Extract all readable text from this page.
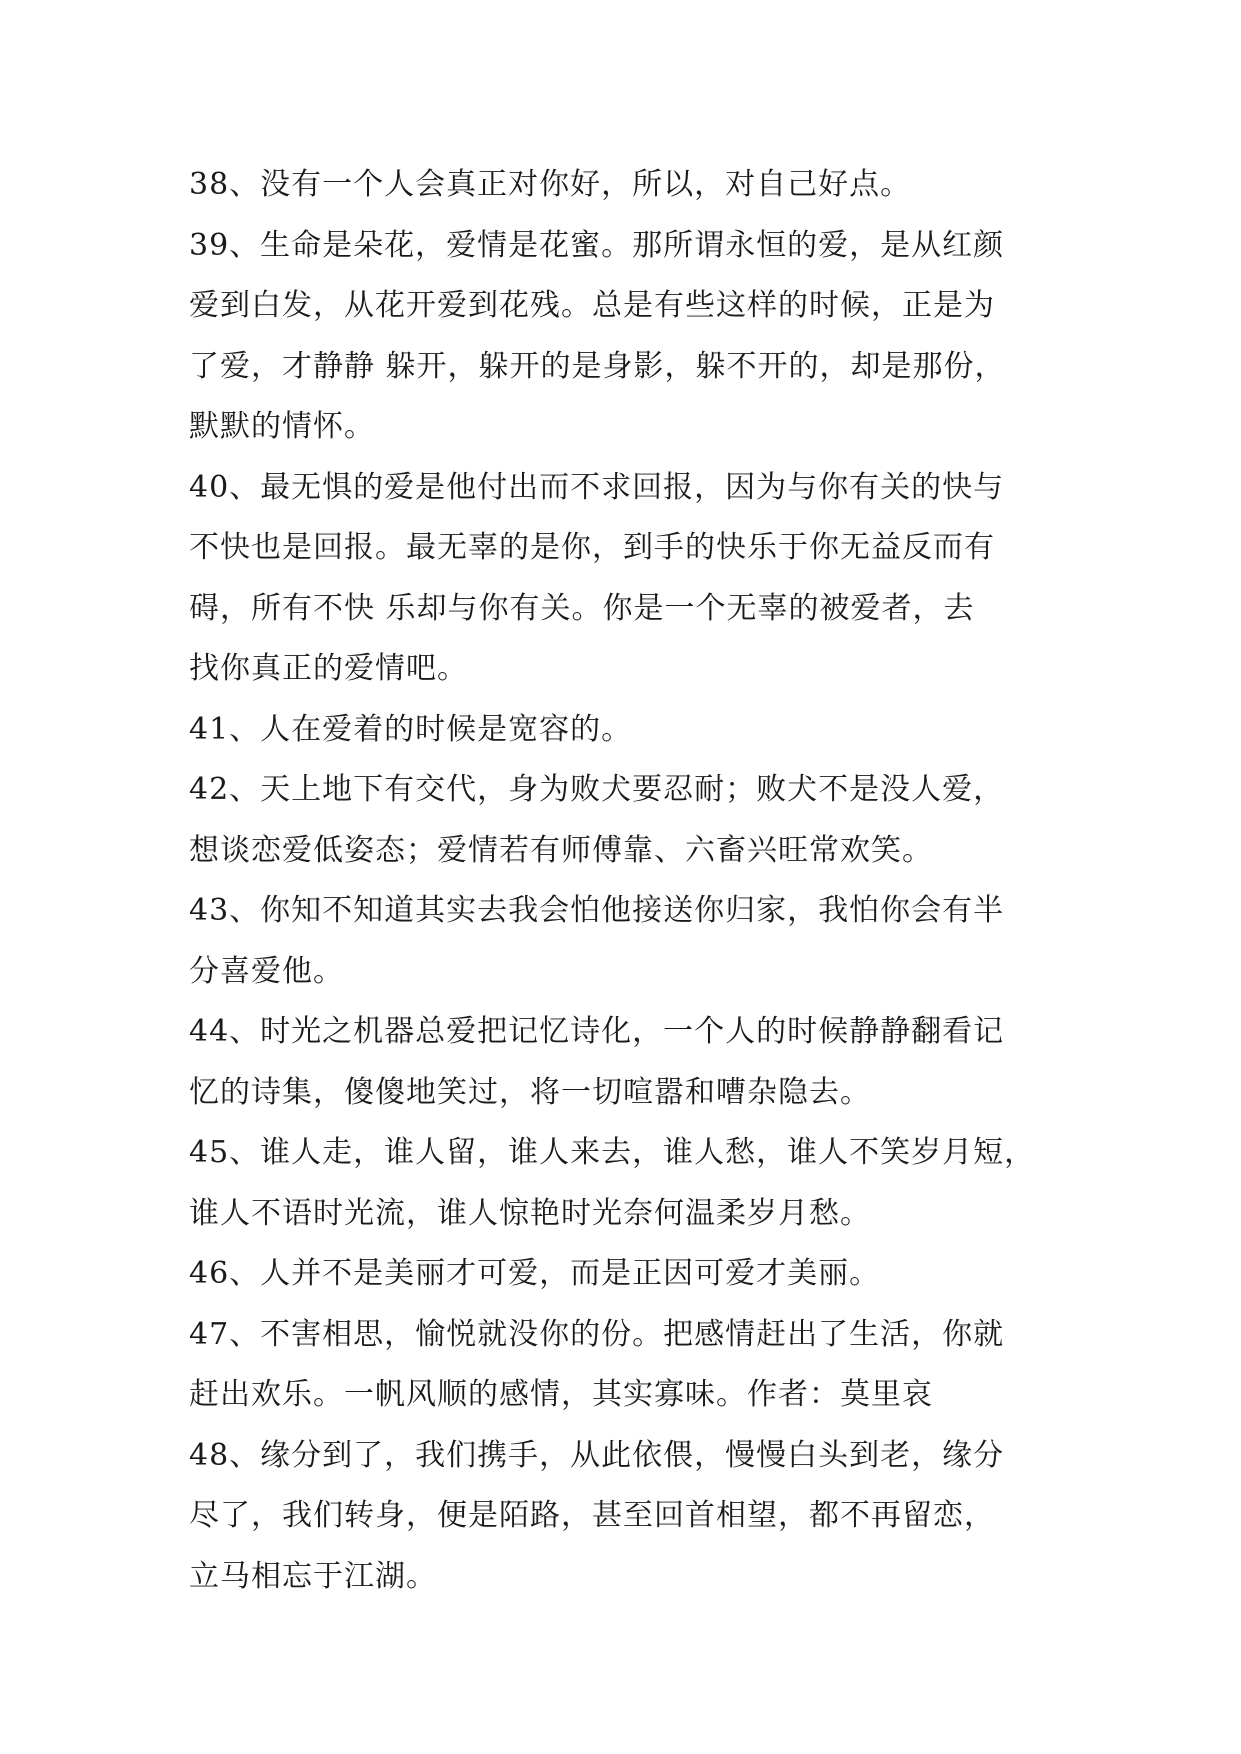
38、没有一个人会真正对你好，所以，对自己好点。
39、生命是朵花，爱情是花蜜。那所谓永恒的爱，是从红颜
爱到白发，从花开爱到花残。总是有些这样的时候，正是为
了爱，才静静 躲开，躲开的是身影，躲不开的，却是那份，
默默的情怀。
40、最无惧的爱是他付出而不求回报，因为与你有关的快与
不快也是回报。最无辜的是你，到手的快乐于你无益反而有
碍，所有不快 乐却与你有关。你是一个无辜的被爱者，去
找你真正的爱情吧。
41、人在爱着的时候是宽容的。
42、天上地下有交代，身为败犬要忍耐；败犬不是没人爱，
想谈恋爱低姿态；爱情若有师傅靠、六畜兴旺常欢笑。
43、你知不知道其实去我会怕他接送你归家，我怕你会有半
分喜爱他。
44、时光之机器总爱把记忆诗化，一个人的时候静静翻看记
忆的诗集，傻傻地笑过，将一切喧嚣和嘈杂隐去。
45、谁人走，谁人留，谁人来去，谁人愁，谁人不笑岁月短，
谁人不语时光流，谁人惊艳时光奈何温柔岁月愁。
46、人并不是美丽才可爱，而是正因可爱才美丽。
47、不害相思，愉悦就没你的份。把感情赶出了生活，你就
赶出欢乐。一帆风顺的感情，其实寡味。作者：莫里哀
48、缘分到了，我们携手，从此依偎，慢慢白头到老，缘分
尽了，我们转身，便是陌路，甚至回首相望，都不再留恋，
立马相忘于江湖。
